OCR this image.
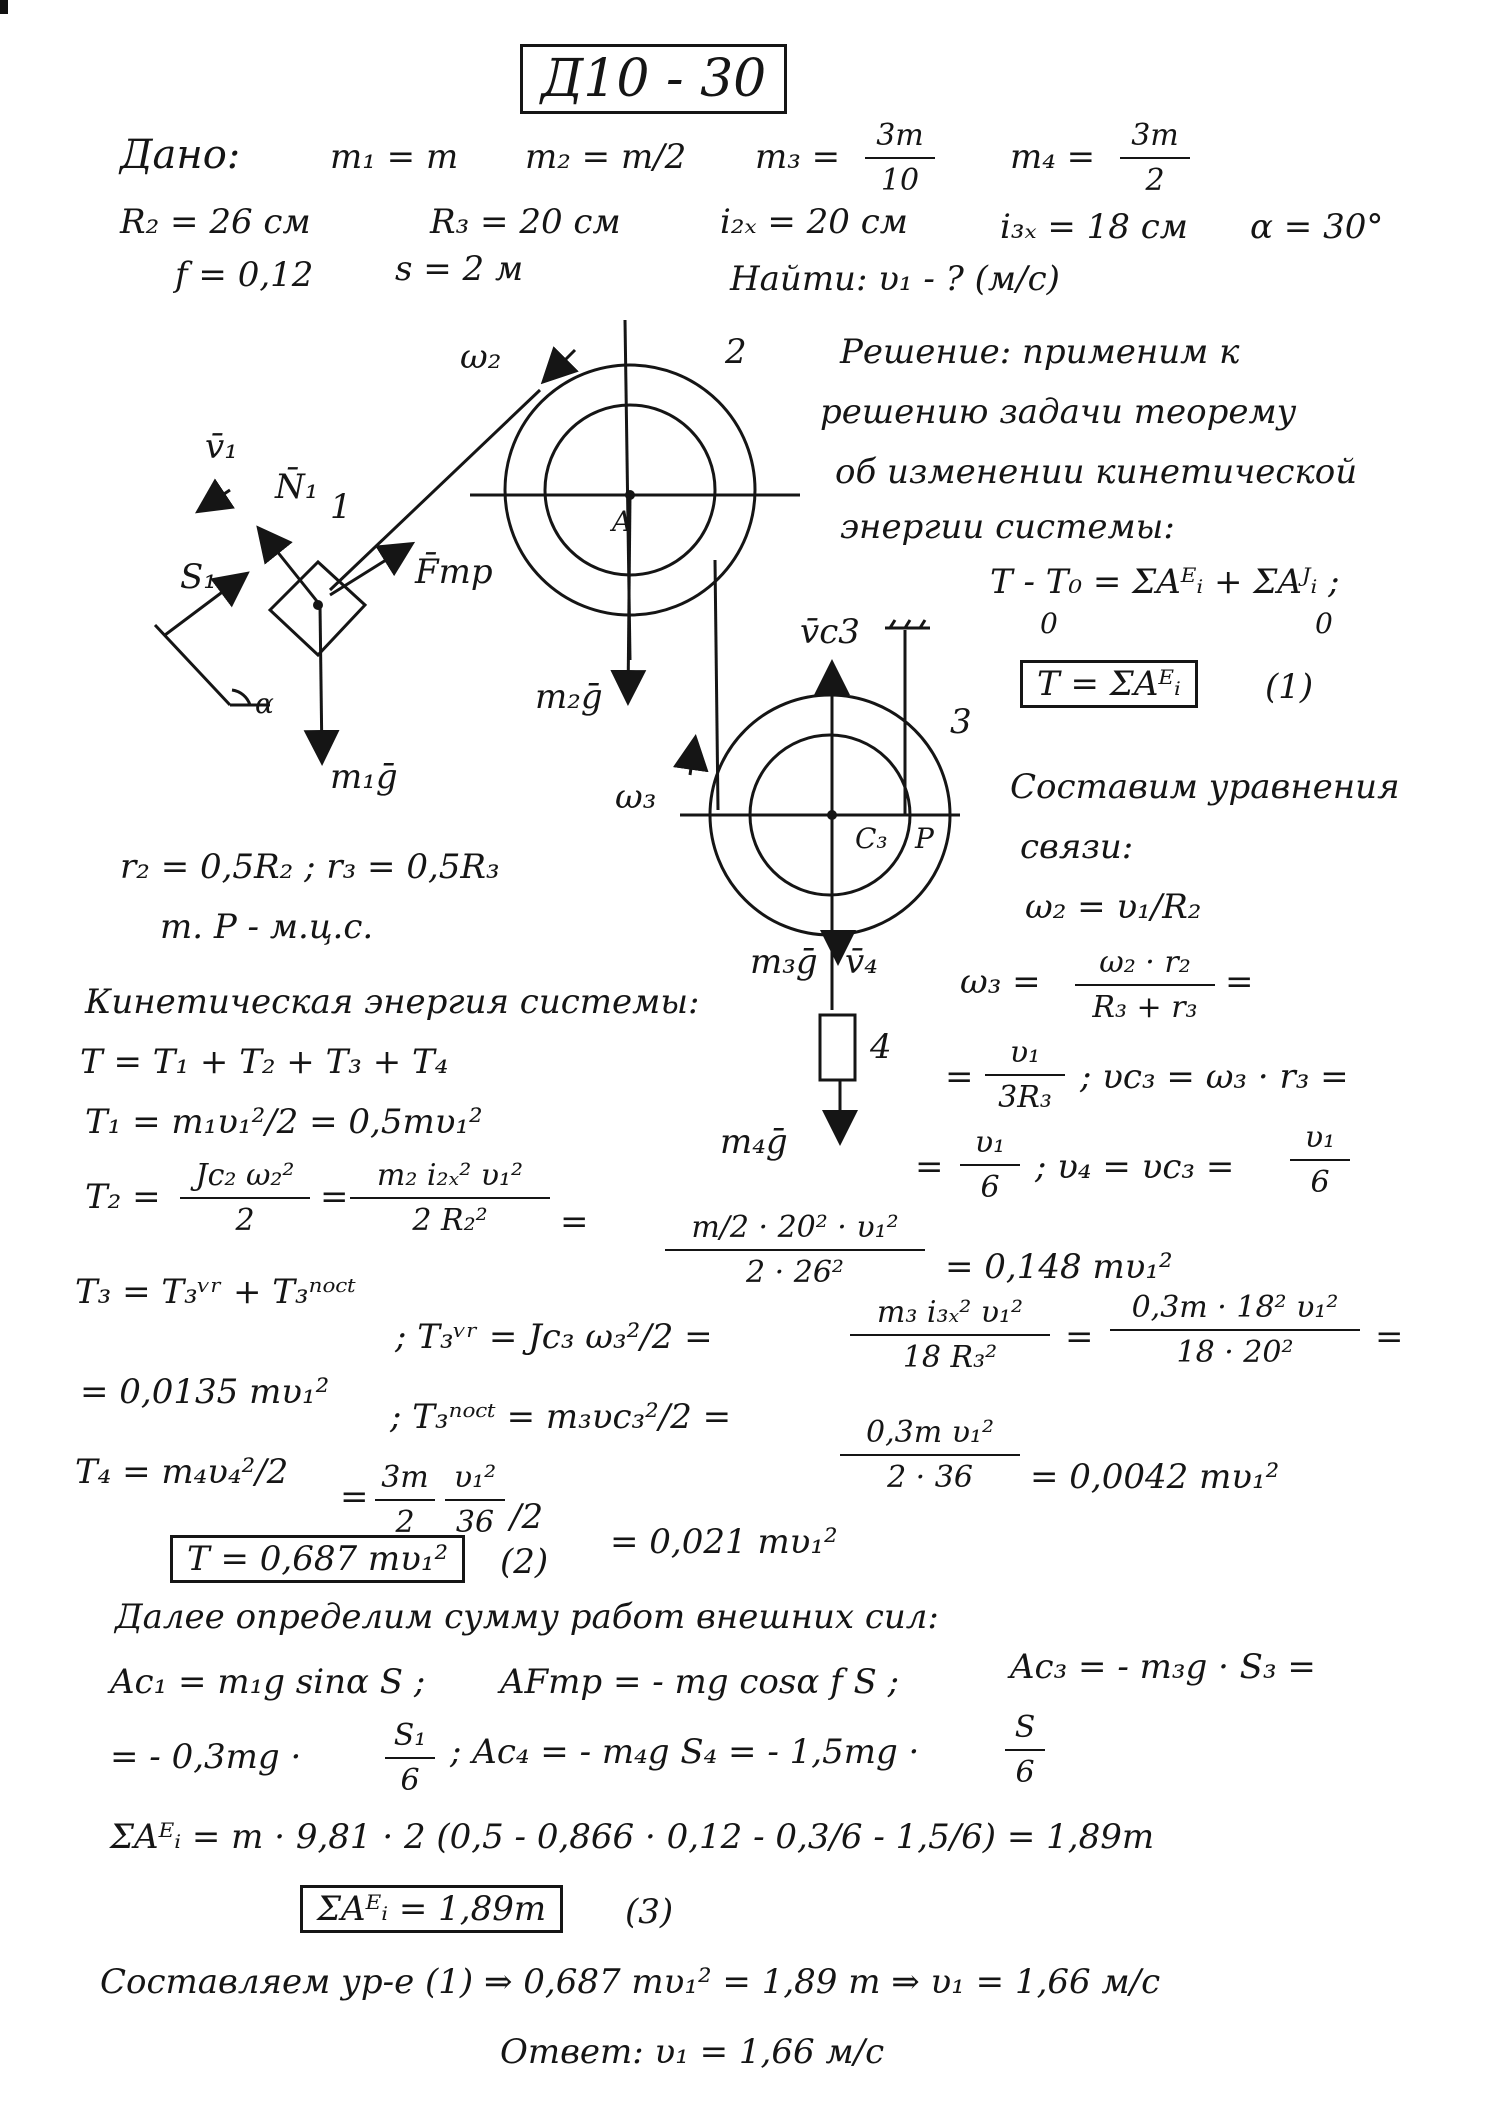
Д10 - 30
Дано:	m₁ = m m₂ = m/2 m₃ =
3m
10
m₄ =
3m
2
R₂ = 26 см	R₃ = 20 см	i₂ₓ = 20 см	i₃ₓ = 18 см α = 30°
f = 0,12 s = 2 м	Найти: υ₁ - ? (м/с)
ω₂	2
v̄₁
N̄₁ 1
S₁	F̄тр
m₂ḡ
m₁ḡ
α
A
v̄c3
3
ω₃
C₃ P
m₃ḡ v̄₄
4
m₄ḡ
Решение: применим к
решению задачи теорему
об изменении кинетической
энергии системы:
T - T₀ = ΣAᴱᵢ + ΣAᴶᵢ ;
0	0
T = ΣAᴱᵢ	(1)
Составим уравнения
связи:
ω₂ = υ₁/R₂
ω₃ =	ω₂ · r₂
R₃ + r₃
=
=
υ₁
3R₃
; υc₃ = ω₃ · r₃ =
=
υ₁
6
; υ₄ = υc₃ =
υ₁
6
r₂ = 0,5R₂ ; r₃ = 0,5R₃
т. P - м.ц.с.
Кинетическая энергия системы:
T = T₁ + T₂ + T₃ + T₄
T₁ = m₁υ₁²/2 = 0,5mυ₁²
T₂ =
Jc₂ ω₂²
2
=
m₂ i₂ₓ² υ₁²
2 R₂²	=	m/2 · 20² · υ₁²
2 · 26²	= 0,148 mυ₁²
T₃ = T₃ᵛʳ + T₃ⁿᵒᶜᵗ
; T₃ᵛʳ = Jc₃ ω₃²/2 =
m₃ i₃ₓ² υ₁²
18 R₃²
=
0,3m · 18² υ₁²
18 · 20²	=
= 0,0135 mυ₁²
; T₃ⁿᵒᶜᵗ = m₃υc₃²/2 =	0,3m υ₁²
2 · 36	= 0,0042 mυ₁²
T₄ = m₄υ₄²/2
= 3m
2
υ₁²
36 /2
= 0,021 mυ₁²
T = 0,687 mυ₁²	(2)
Далее определим сумму работ внешних сил:
Aс₁ = m₁g sinα S ; AFтр = - mg cosα f S ;	Aс₃ = - m₃g · S₃ =
= - 0,3mg ·
S₁
6
; Aс₄ = - m₄g S₄ = - 1,5mg ·
S
6
ΣAᴱᵢ = m · 9,81 · 2 (0,5 - 0,866 · 0,12 - 0,3/6 - 1,5/6) = 1,89m
ΣAᴱᵢ = 1,89m	(3)
Составляем ур-е (1) ⇒ 0,687 mυ₁² = 1,89 m ⇒ υ₁ = 1,66 м/с
Ответ: υ₁ = 1,66 м/с
